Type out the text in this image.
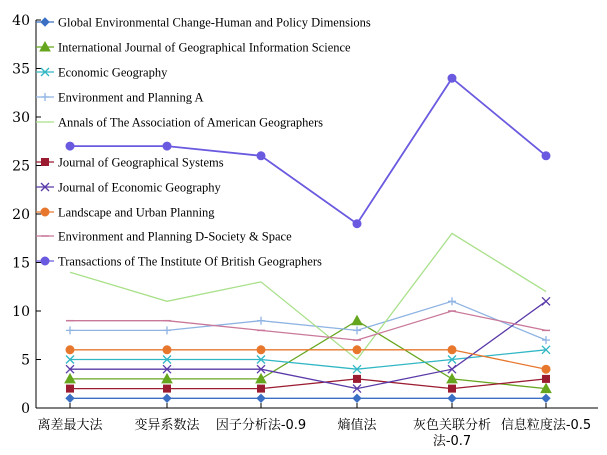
0
5
10
15
20
25
30
35
40
离差最大法 变异系数法 因子分析法-0.9 熵值法	灰色关联分析
法-0.7
信息粒度法-0.5
Global Environmental Change-Human and Policy Dimensions
International Journal of Geographical Information Science
Economic Geography
Environment and Planning A
Annals of The Association of American Geographers
Journal of Geographical Systems
Journal of Economic Geography
Landscape and Urban Planning
Environment and Planning D-Society & Space
Transactions of The Institute Of British Geographers
